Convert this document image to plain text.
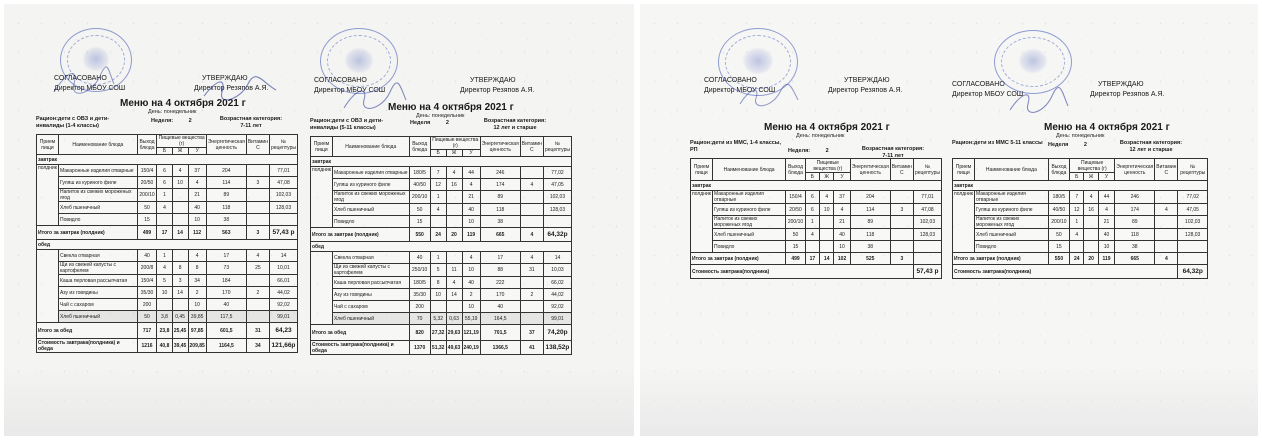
СОГЛАСОВАНО
Директор МБОУ СОШ
УТВЕРЖДАЮ
Директор Резяпов А.Я.
Меню на 4 октября 2021 г
День: понедельник
Рацион:дети с ОВЗ и дети-инвалиды (1-4 классы)
Неделя:	2	Возрастная категория:
7-11 лет
Прием пищи	Наименование блюда	Выход блюда	Пищевые вещества (г)			Энергетическая ценность	Витамин С	№ рецептуры
			Б	Ж	У			
завтрак								
полдник	Макаронные изделия отварные	150/4	6	4	37	204		77,01
	Гуляш из куриного филе	20/50	6	10	4	114	3	47,08
	Напиток из свежих мороженых ягод	200/10	1		21	89		102,03
	Хлеб пшеничный	50	4		40	118		128,03
	Повидло	15			10	38		
Итого за завтрак (полдник)		499	17	14	112	563	3	57,43 р
обед								
	Свекла отварная	40	1		4	17	4	14
	Щи из свежей капусты с картофелем	200/8	4	8	8	73	25	10,01
	Каша перловая рассыпчатая	150/4	5	3	34	184		66,01
	Азу из говядины	35/30	10	14	2	170	2	44,02
	Чай с сахаром	200			10	40		92,02
	Хлеб пшеничный	50	3,8	0,45	39,85	117,5		99,01
Итого за обед		717	23,8	25,45	97,85	601,5	31	64,23
Стоимость завтрака(полдника) и обеда		1216	40,8	39,45	209,85	1164,5	34	121,66р
СОГЛАСОВАНО
Директор МБОУ СОШ
УТВЕРЖДАЮ
Директор Резяпов А.Я.
Меню на 4 октября 2021 г
День: понедельник
Рацион:дети с ОВЗ и дети-инвалиды (5-11 классы)
Неделя	2	Возрастная категория:
12 лет и старше
Прием пищи	Наименование блюда	Выход блюда	Пищевые вещества (г)			Энергетическая ценность	Витамин С	№ рецептуры
			Б	Ж	У			
завтрак								
полдник	Макаронные изделия отварные	180/5	7	4	44	246		77,02
	Гуляш из куриного филе	40/50	12	16	4	174	4	47,05
	Напиток из свежих мороженых ягод	200/10	1		21	89		102,03
	Хлеб пшеничный	50	4		40	118		128,03
	Повидло	15			10	38		
Итого за завтрак (полдник)		550	24	20	119	665	4	64,32р
обед								
	Свекла отварная	40	1		4	17	4	14
	Щи из свежей капусты с картофелем	250/10	5	11	10	88	31	10,03
	Каша перловая рассыпчатая	180/5	8	4	40	222		66,02
	Азу из говядины	35/30	10	14	2	170	2	44,02
	Чай с сахаром	200			10	40		92,02
	Хлеб пшеничный	70	5,32	0,63	55,19	164,5		99,01
Итого за обед		820	27,32	29,63	121,19	701,5	37	74,20р
Стоимость завтрака(полдника) и обеда		1370	51,32	49,63	240,19	1366,5	41	138,52р
СОГЛАСОВАНО
Директор МБОУ СОШ
УТВЕРЖДАЮ
Директор Резяпов А.Я.
Меню на 4 октября 2021 г
День: понедельник
Рацион:дети из ММС, 1-4 классы, РП	Неделя:	2	Возрастная категория:
7-11 лет
Прием пищи	Наименование блюда	Выход блюда	Пищевые вещества (г)			Энергетическая ценность	Витамин С	№ рецептуры
			Б	Ж	У			
завтрак								
полдник	Макаронные изделия отварные	150/4	6	4	37	204		77,01
	Гуляш из куриного филе	20/50	6	10	4	114	3	47,08
	Напиток из свежих мороженых ягод	200/10	1		21	89		102,03
	Хлеб пшеничный	50	4		40	118		128,03
	Повидло	15			10	38		
Итого за завтрак (полдник)		499	17	14	102	525	3	
Стоимость завтрака(полдника)								57,43 р
СОГЛАСОВАНО
Директор МБОУ СОШ
УТВЕРЖДАЮ
Директор Резяпов А.Я.
Меню на 4 октября 2021 г
День: понедельник
Рацион:дети из ММС 5-11 классы Неделя	2	Возрастная категория:
12 лет и старше
Прием пищи	Наименование блюда	Выход блюда	Пищевые вещества (г)			Энергетическая ценность	Витамин С	№ рецептуры
			Б	Ж	У			
завтрак								
полдник	Макаронные изделия отварные	180/5	7	4	44	246		77,02
	Гуляш из куриного филе	40/50	12	16	4	174	4	47,05
	Напиток из свежих мороженых ягод	200/10	1		21	89		102,03
	Хлеб пшеничный	50	4		40	118		128,03
	Повидло	15			10	38		
Итого за завтрак (полдник)		550	24	20	119	665	4	
Стоимость завтрака(полдника)								64,32р
